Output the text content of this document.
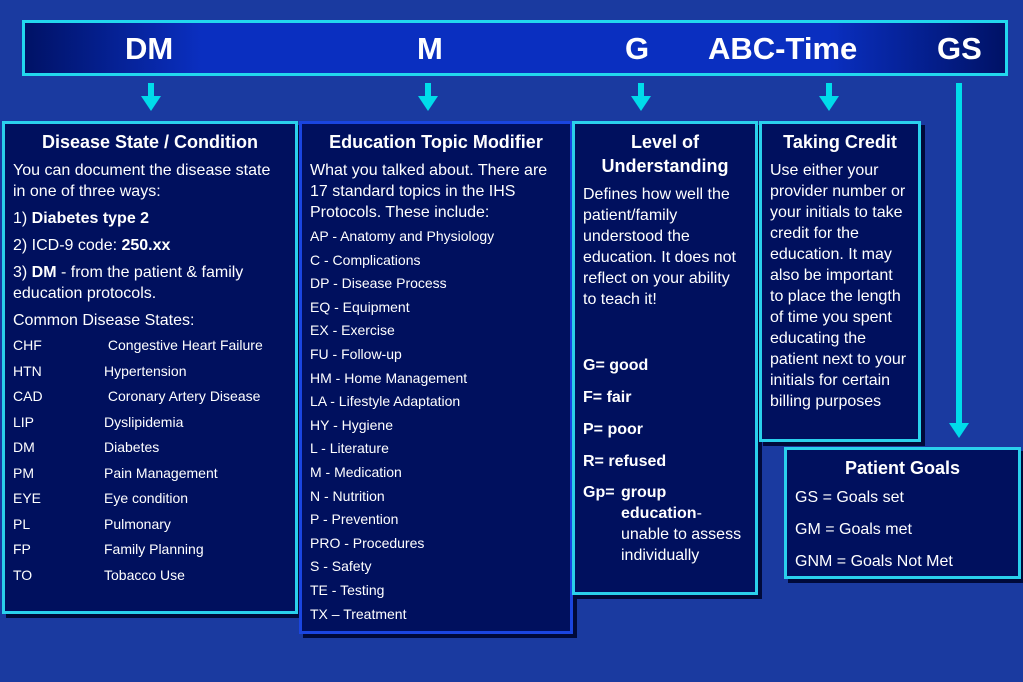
DM	M	G ABC-Time	GS
Disease State / Condition

You can document the disease state in one of three ways:

1) Diabetes type 2

2) ICD-9 code: 250.xx

3) DM - from the patient & family education protocols.

Common Disease States:

CHF	Congestive Heart Failure
HTN	Hypertension
CAD	Coronary Artery Disease
LIP	Dyslipidemia
DM	Diabetes
PM	Pain Management
EYE	Eye condition
PL	Pulmonary
FP	Family Planning
TO	Tobacco Use
Education Topic Modifier

What you talked about. There are 17 standard topics in the IHS Protocols. These include:

AP - Anatomy and Physiology
C - Complications
DP - Disease Process
EQ - Equipment
EX - Exercise
FU - Follow-up
HM - Home Management
LA - Lifestyle Adaptation
HY - Hygiene
L - Literature
M - Medication
N - Nutrition
P - Prevention
PRO - Procedures
S - Safety
TE - Testing
TX – Treatment
Level of Understanding

Defines how well the patient/family understood the education. It does not reflect on your ability to teach it!

G= good
F= fair
P= poor
R= refused
Gp= group education- unable to assess individually
Taking Credit

Use either your provider number or your initials to take credit for the education. It may also be important to place the length of time you spent educating the patient next to your initials for certain billing purposes

Patient Goals
GS = Goals set
GM = Goals met
GNM = Goals Not Met
